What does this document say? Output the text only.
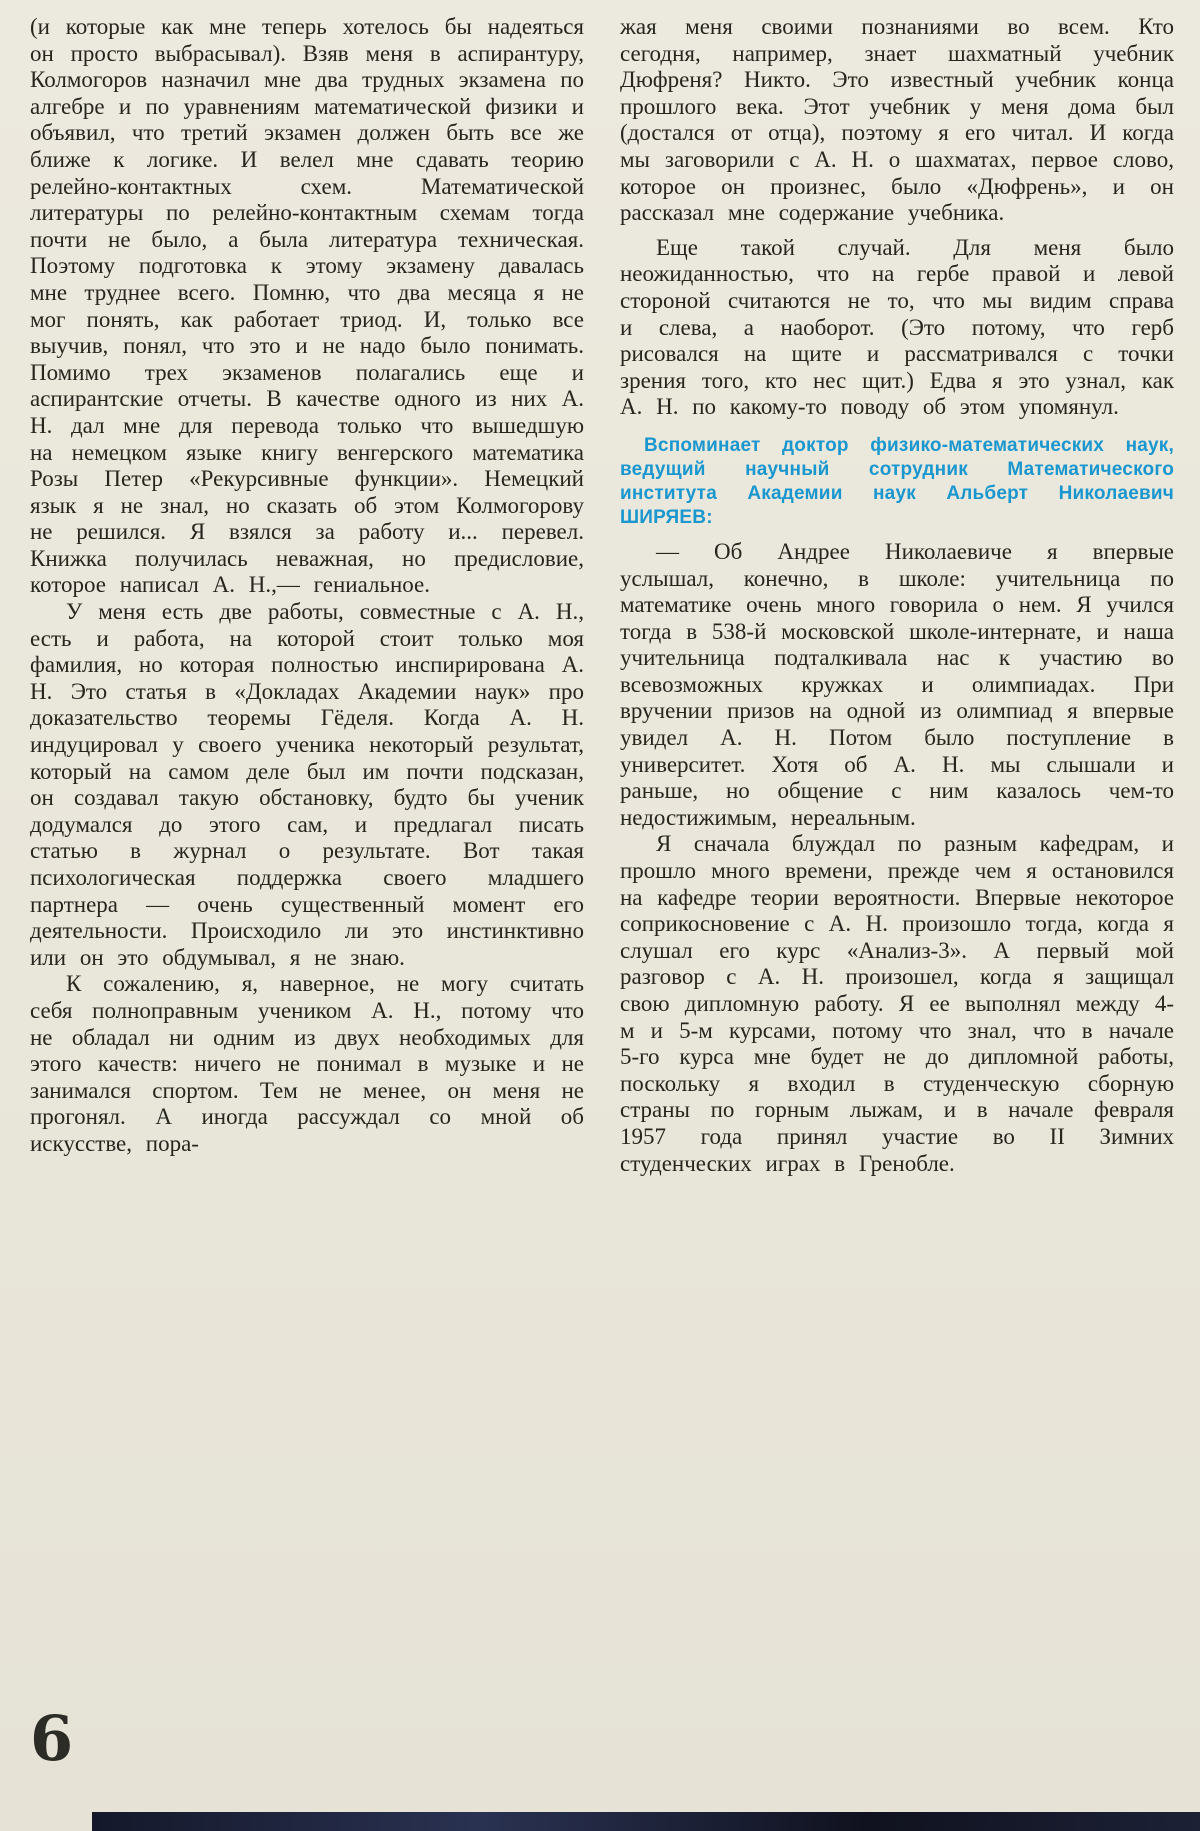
(и которые как мне теперь хотелось бы надеяться он просто выбрасывал). Взяв меня в аспирантуру, Колмогоров назначил мне два трудных экзамена по алгебре и по уравнениям математической физики и объявил, что третий экзамен должен быть все же ближе к логике. И велел мне сдавать теорию релейно-контактных схем. Математической литературы по релейно-контактным схемам тогда почти не было, а была литература техническая. Поэтому подготовка к этому экзамену давалась мне труднее всего. Помню, что два месяца я не мог понять, как работает триод. И, только все выучив, понял, что это и не надо было понимать. Помимо трех экзаменов полагались еще и аспирантские отчеты. В качестве одного из них А. Н. дал мне для перевода только что вышедшую на немецком языке книгу венгерского математика Розы Петер «Рекурсивные функции». Немецкий язык я не знал, но сказать об этом Колмогорову не решился. Я взялся за работу и... перевел. Книжка получилась неважная, но предисловие, которое написал А. Н.,— гениальное.

У меня есть две работы, совместные с А. Н., есть и работа, на которой стоит только моя фамилия, но которая полностью инспирирована А. Н. Это статья в «Докладах Академии наук» про доказательство теоремы Гёделя. Когда А. Н. индуцировал у своего ученика некоторый результат, который на самом деле был им почти подсказан, он создавал такую обстановку, будто бы ученик додумался до этого сам, и предлагал писать статью в журнал о результате. Вот такая психологическая поддержка своего младшего партнера — очень существенный момент его деятельности. Происходило ли это инстинктивно или он это обдумывал, я не знаю.

К сожалению, я, наверное, не могу считать себя полноправным учеником А. Н., потому что не обладал ни одним из двух необходимых для этого качеств: ничего не понимал в музыке и не занимался спортом. Тем не менее, он меня не прогонял. А иногда рассуждал со мной об искусстве, пора-

жая меня своими познаниями во всем. Кто сегодня, например, знает шахматный учебник Дюфреня? Никто. Это известный учебник конца прошлого века. Этот учебник у меня дома был (достался от отца), поэтому я его читал. И когда мы заговорили с А. Н. о шахматах, первое слово, которое он произнес, было «Дюфрень», и он рассказал мне содержание учебника.

Еще такой случай. Для меня было неожиданностью, что на гербе правой и левой стороной считаются не то, что мы видим справа и слева, а наоборот. (Это потому, что герб рисовался на щите и рассматривался с точки зрения того, кто нес щит.) Едва я это узнал, как А. Н. по какому-то поводу об этом упомянул.

Вспоминает доктор физико-математических наук, ведущий научный сотрудник Математического института Академии наук Альберт Николаевич ШИРЯЕВ:

— Об Андрее Николаевиче я впервые услышал, конечно, в школе: учительница по математике очень много говорила о нем. Я учился тогда в 538-й московской школе-интернате, и наша учительница подталкивала нас к участию во всевозможных кружках и олимпиадах. При вручении призов на одной из олимпиад я впервые увидел А. Н. Потом было поступление в университет. Хотя об А. Н. мы слышали и раньше, но общение с ним казалось чем-то недостижимым, нереальным.

Я сначала блуждал по разным кафедрам, и прошло много времени, прежде чем я остановился на кафедре теории вероятности. Впервые некоторое соприкосновение с А. Н. произошло тогда, когда я слушал его курс «Анализ-3». А первый мой разговор с А. Н. произошел, когда я защищал свою дипломную работу. Я ее выполнял между 4-м и 5-м курсами, потому что знал, что в начале 5-го курса мне будет не до дипломной работы, поскольку я входил в студенческую сборную страны по горным лыжам, и в начале февраля 1957 года принял участие во II Зимних студенческих играх в Гренобле.

6
